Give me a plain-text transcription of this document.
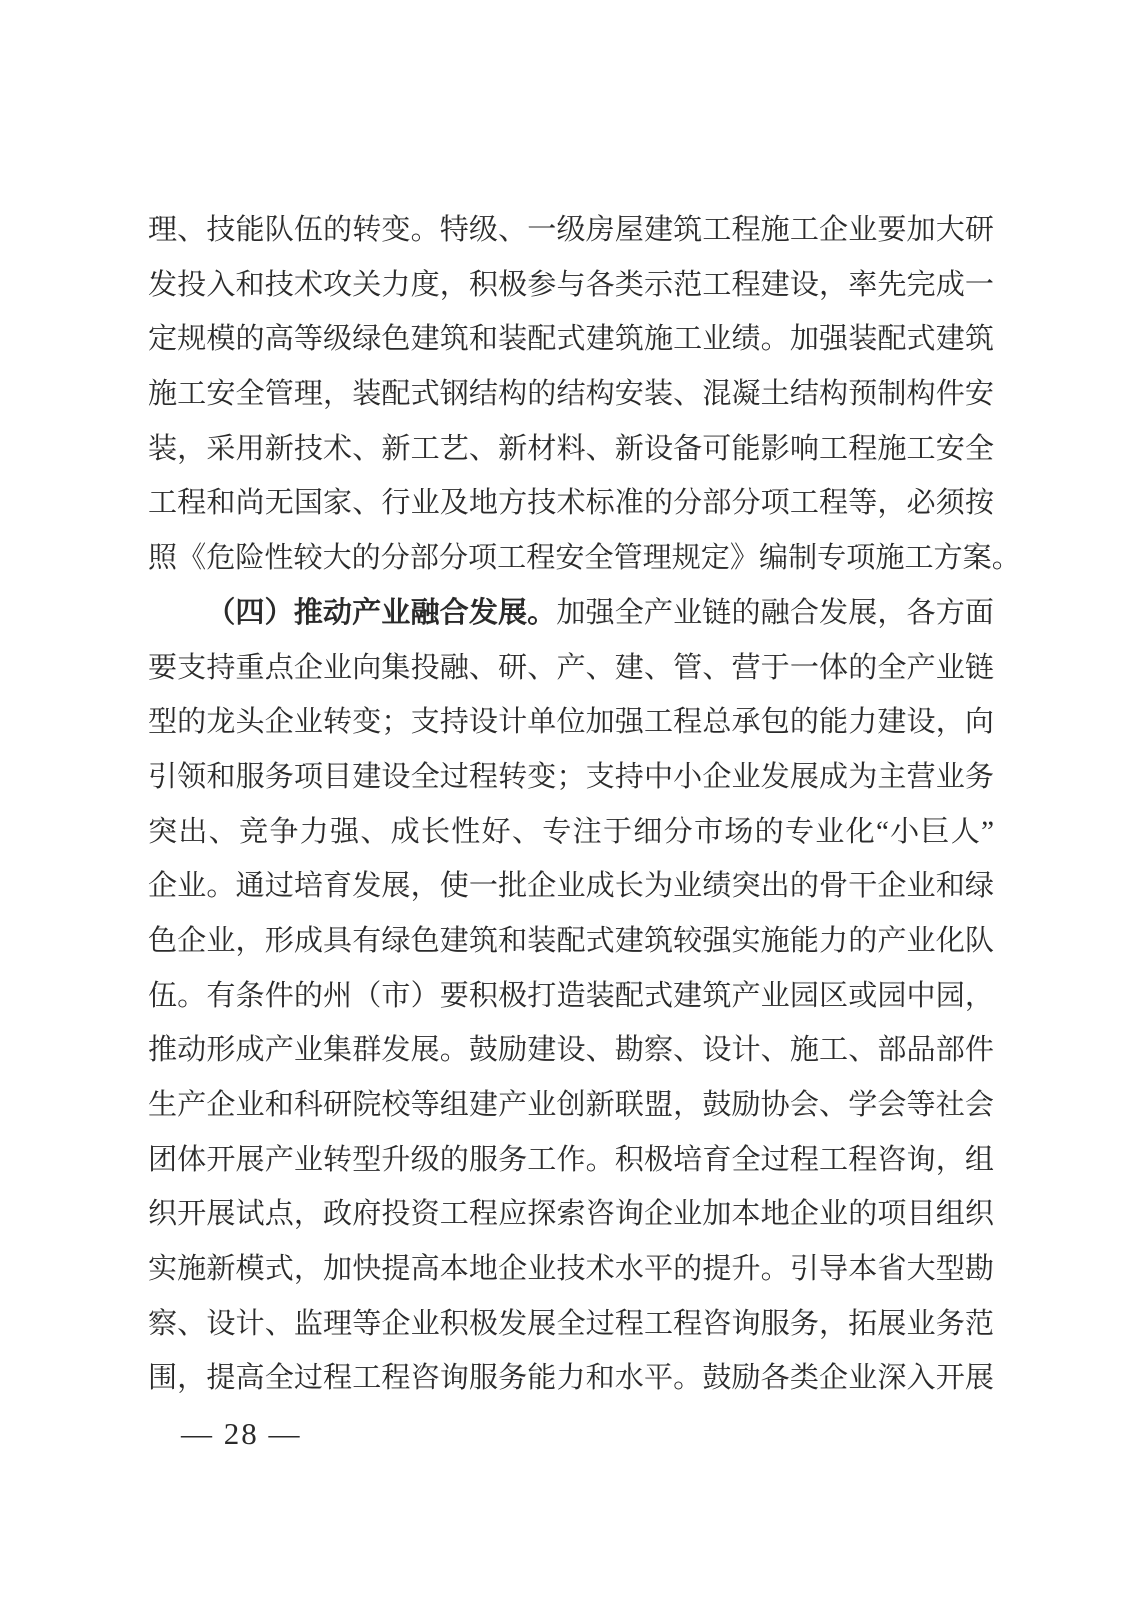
理、技能队伍的转变。特级、一级房屋建筑工程施工企业要加大研
发投入和技术攻关力度，积极参与各类示范工程建设，率先完成一
定规模的高等级绿色建筑和装配式建筑施工业绩。加强装配式建筑
施工安全管理，装配式钢结构的结构安装、混凝土结构预制构件安
装，采用新技术、新工艺、新材料、新设备可能影响工程施工安全
工程和尚无国家、行业及地方技术标准的分部分项工程等，必须按
照《危险性较大的分部分项工程安全管理规定》编制专项施工方案。
（四）推动产业融合发展。加强全产业链的融合发展，各方面
要支持重点企业向集投融、研、产、建、管、营于一体的全产业链
型的龙头企业转变；支持设计单位加强工程总承包的能力建设，向
引领和服务项目建设全过程转变；支持中小企业发展成为主营业务
突出、竞争力强、成长性好、专注于细分市场的专业化“小巨人”
企业。通过培育发展，使一批企业成长为业绩突出的骨干企业和绿
色企业，形成具有绿色建筑和装配式建筑较强实施能力的产业化队
伍。有条件的州（市）要积极打造装配式建筑产业园区或园中园，
推动形成产业集群发展。鼓励建设、勘察、设计、施工、部品部件
生产企业和科研院校等组建产业创新联盟，鼓励协会、学会等社会
团体开展产业转型升级的服务工作。积极培育全过程工程咨询，组
织开展试点，政府投资工程应探索咨询企业加本地企业的项目组织
实施新模式，加快提高本地企业技术水平的提升。引导本省大型勘
察、设计、监理等企业积极发展全过程工程咨询服务，拓展业务范
围，提高全过程工程咨询服务能力和水平。鼓励各类企业深入开展
— 28 —
